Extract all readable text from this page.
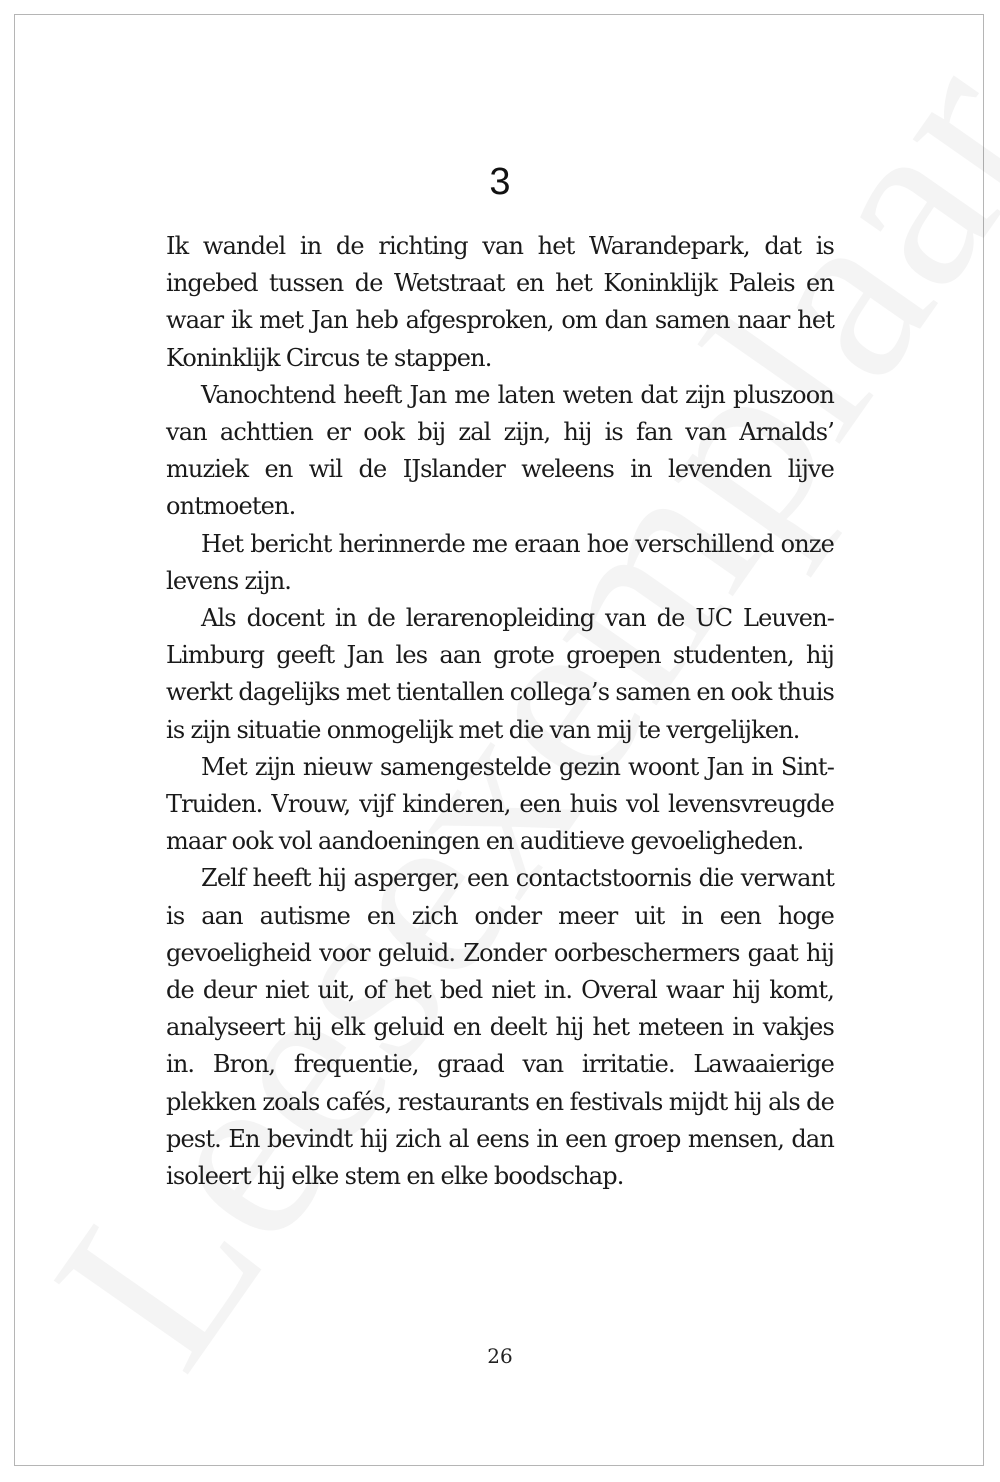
3

Ik wandel in de richting van het Warandepark, dat is ingebed tussen de Wetstraat en het Koninklijk Paleis en waar ik met Jan heb afgesproken, om dan samen naar het Koninklijk Circus te stappen.

Vanochtend heeft Jan me laten weten dat zijn pluszoon van achttien er ook bij zal zijn, hij is fan van Arnalds’ muziek en wil de IJslander weleens in levenden lijve ontmoeten.

Het bericht herinnerde me eraan hoe verschillend onze levens zijn.

Als docent in de lerarenopleiding van de UC Leuven-Limburg geeft Jan les aan grote groepen studenten, hij werkt dagelijks met tientallen collega’s samen en ook thuis is zijn situatie onmogelijk met die van mij te vergelijken.

Met zijn nieuw samengestelde gezin woont Jan in Sint-Truiden. Vrouw, vijf kinderen, een huis vol levensvreugde maar ook vol aandoeningen en auditieve gevoeligheden.

Zelf heeft hij asperger, een contactstoornis die verwant is aan autisme en zich onder meer uit in een hoge gevoeligheid voor geluid. Zonder oorbeschermers gaat hij de deur niet uit, of het bed niet in. Overal waar hij komt, analyseert hij elk geluid en deelt hij het meteen in vakjes in. Bron, frequentie, graad van irritatie. Lawaaierige plekken zoals cafés, restaurants en festivals mijdt hij als de pest. En bevindt hij zich al eens in een groep mensen, dan isoleert hij elke stem en elke boodschap.

26
